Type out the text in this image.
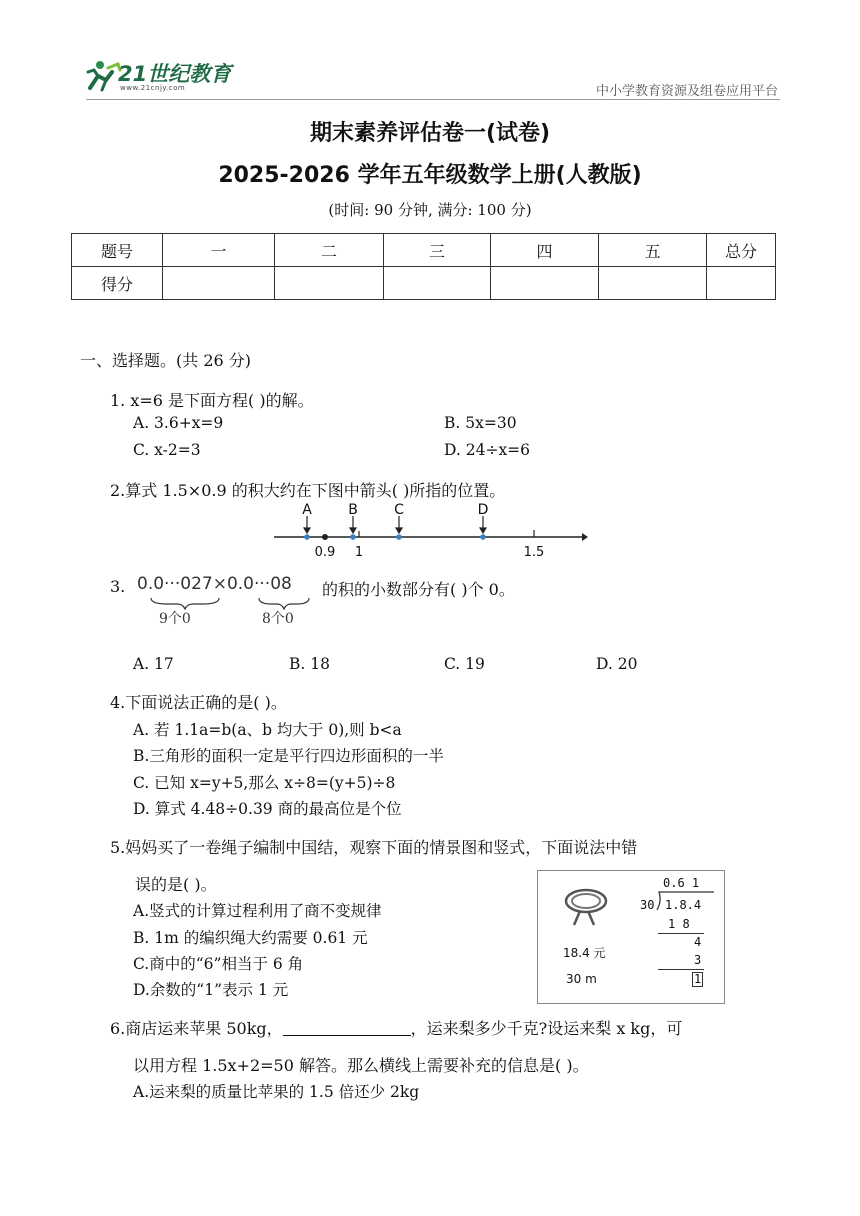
21世纪教育
www.21cnjy.com	中小学教育资源及组卷应用平台
期末素养评估卷一(试卷)
2025-2026 学年五年级数学上册(人教版)
(时间: 90 分钟, 满分: 100 分)
题号	一	二	三	四	五	总分
得分						
一、选择题。(共 26 分)
1. x=6 是下面方程( )的解。
A. 3.6+x=9	B. 5x=30
C. x-2=3	D. 24÷x=6
2.算式 1.5×0.9 的积大约在下图中箭头( )所指的位置。
A	B	C	D
0.9 1	1.5
3. 0.0···027×0.0···08
9个0	8个0
的积的小数部分有( )个 0。
A. 17	B. 18	C. 19	D. 20
4.下面说法正确的是( )。
A. 若 1.1a=b(a、b 均大于 0),则 b<a
B.三角形的面积一定是平行四边形面积的一半
C. 已知 x=y+5,那么 x÷8=(y+5)÷8
D. 算式 4.48÷0.39 商的最高位是个位
5.妈妈买了一卷绳子编制中国结，观察下面的情景图和竖式，下面说法中错
误的是( )。
A.竖式的计算过程利用了商不变规律
B. 1m 的编织绳大约需要 0.61 元
C.商中的“6”相当于 6 角
D.余数的“1”表示 1 元
18.4 元
30 m
0.6 1
30 1.8.4
1 8
4
3
1
6.商店运来苹果 50kg，	，运来梨多少千克?设运来梨 x kg，可
以用方程 1.5x+2=50 解答。那么横线上需要补充的信息是( )。
A.运来梨的质量比苹果的 1.5 倍还少 2kg
